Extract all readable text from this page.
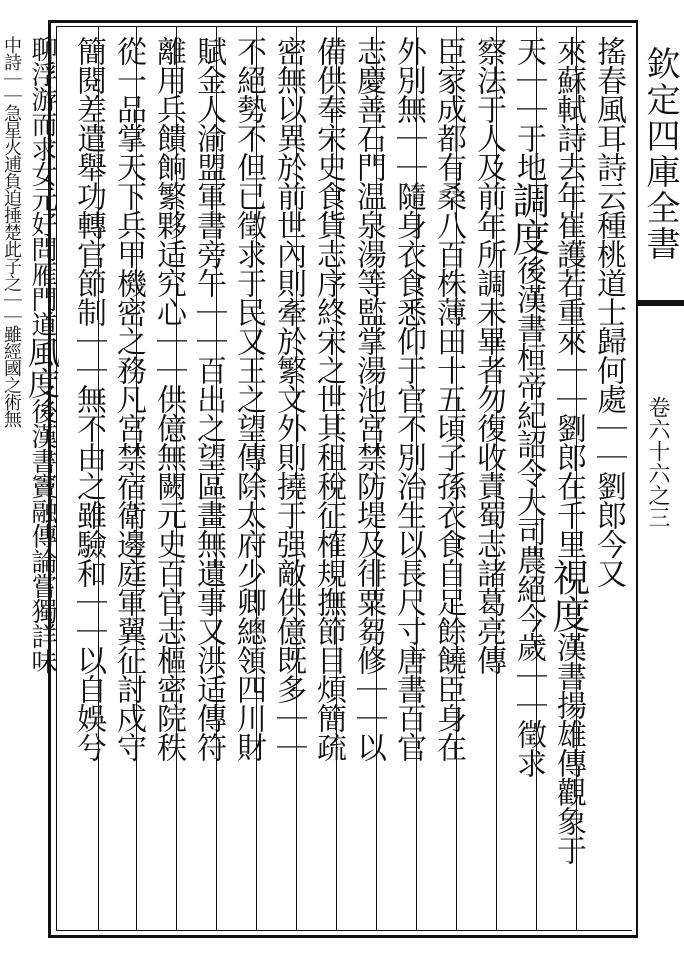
欽定四庫全書
卷六十六之三
搖春風耳詩云種桃道士歸何處｜｜劉郎今又
來蘇軾詩去年崔護若重來｜｜劉郎在千里視度漢書揚雄傳觀象于
天｜｜于地調度後漢書桓帝紀詔令大司農絕今歲｜｜徵求
察法于人及前年所調未畢者勿復收責蜀志諸葛亮傳
臣家成都有桑八百株薄田十五頃子孫衣食自足餘饒臣身在
外別無｜｜隨身衣食悉仰于官不別治生以長尺寸唐書百官
志慶善石門温泉湯等監掌湯池宮禁防堤及徘粟芻修｜｜以
備供奉宋史食貨志序終宋之世其租稅征榷規撫節目煩簡疏
密無以異於前世內則牽於繁文外則撓于强敵供億既多｜｜
不絕勢不但已徵求于民又王之望傳除太府少卿總領四川財
賦金人渝盟軍書旁午｜｜百出之望區畫無遺事又洪适傳符
離用兵饋餉繁夥适究心｜｜供億無闕元史百官志樞密院秩
從一品掌天下兵甲機密之務凡宮禁宿衛邊庭軍翼征討戍守
簡閱差遣舉功轉官節制｜｜無不由之雖驗和｜｜以自娛兮
聊浮游而求女元好問雁門道風度後漢書竇融傳論嘗獨詳味
中詩｜｜急星火逋負迫捶楚此子之｜｜雖經國之術無
